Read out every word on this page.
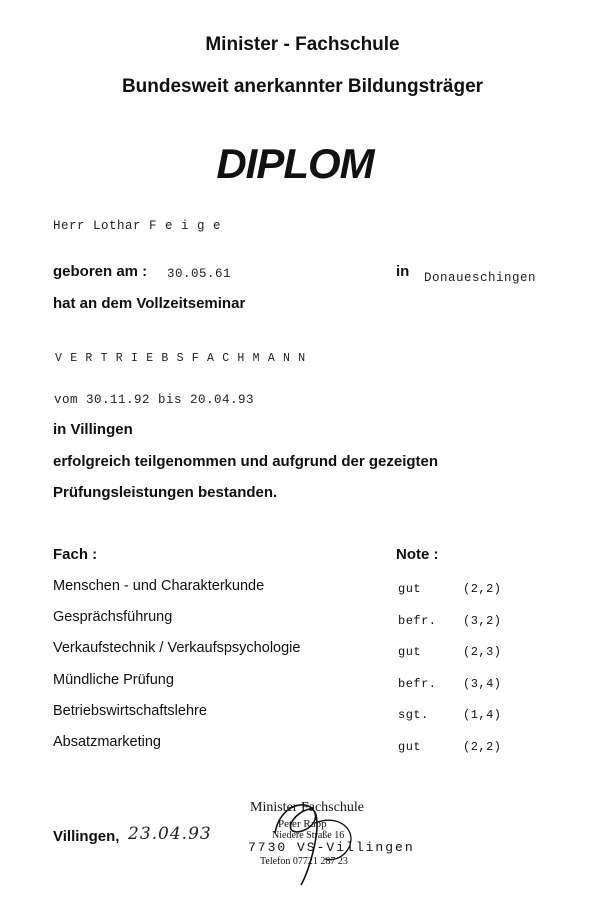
Minister - Fachschule
Bundesweit anerkannter Bildungsträger
DIPLOM
Herr Lothar F e i g e
geboren am : 30.05.61	in Donaueschingen
hat an dem Vollzeitseminar
VERTRIEBSFACHMANN
vom 30.11.92 bis 20.04.93
in Villingen
erfolgreich teilgenommen und aufgrund der gezeigten
Prüfungsleistungen bestanden.
Fach :	Note :
Menschen - und Charakterkunde	gut	(2,2)
Gesprächsführung	befr. (3,2)
Verkaufstechnik / Verkaufspsychologie	gut	(2,3)
Mündliche Prüfung	befr. (3,4)
Betriebswirtschaftslehre	sgt.	(1,4)
Absatzmarketing	gut	(2,2)
Villingen, 23.04.93
Minister Fachschule
Peter Rapp
Niedere Straße 16
7730 VS-Villingen
Telefon 07721 287 23
